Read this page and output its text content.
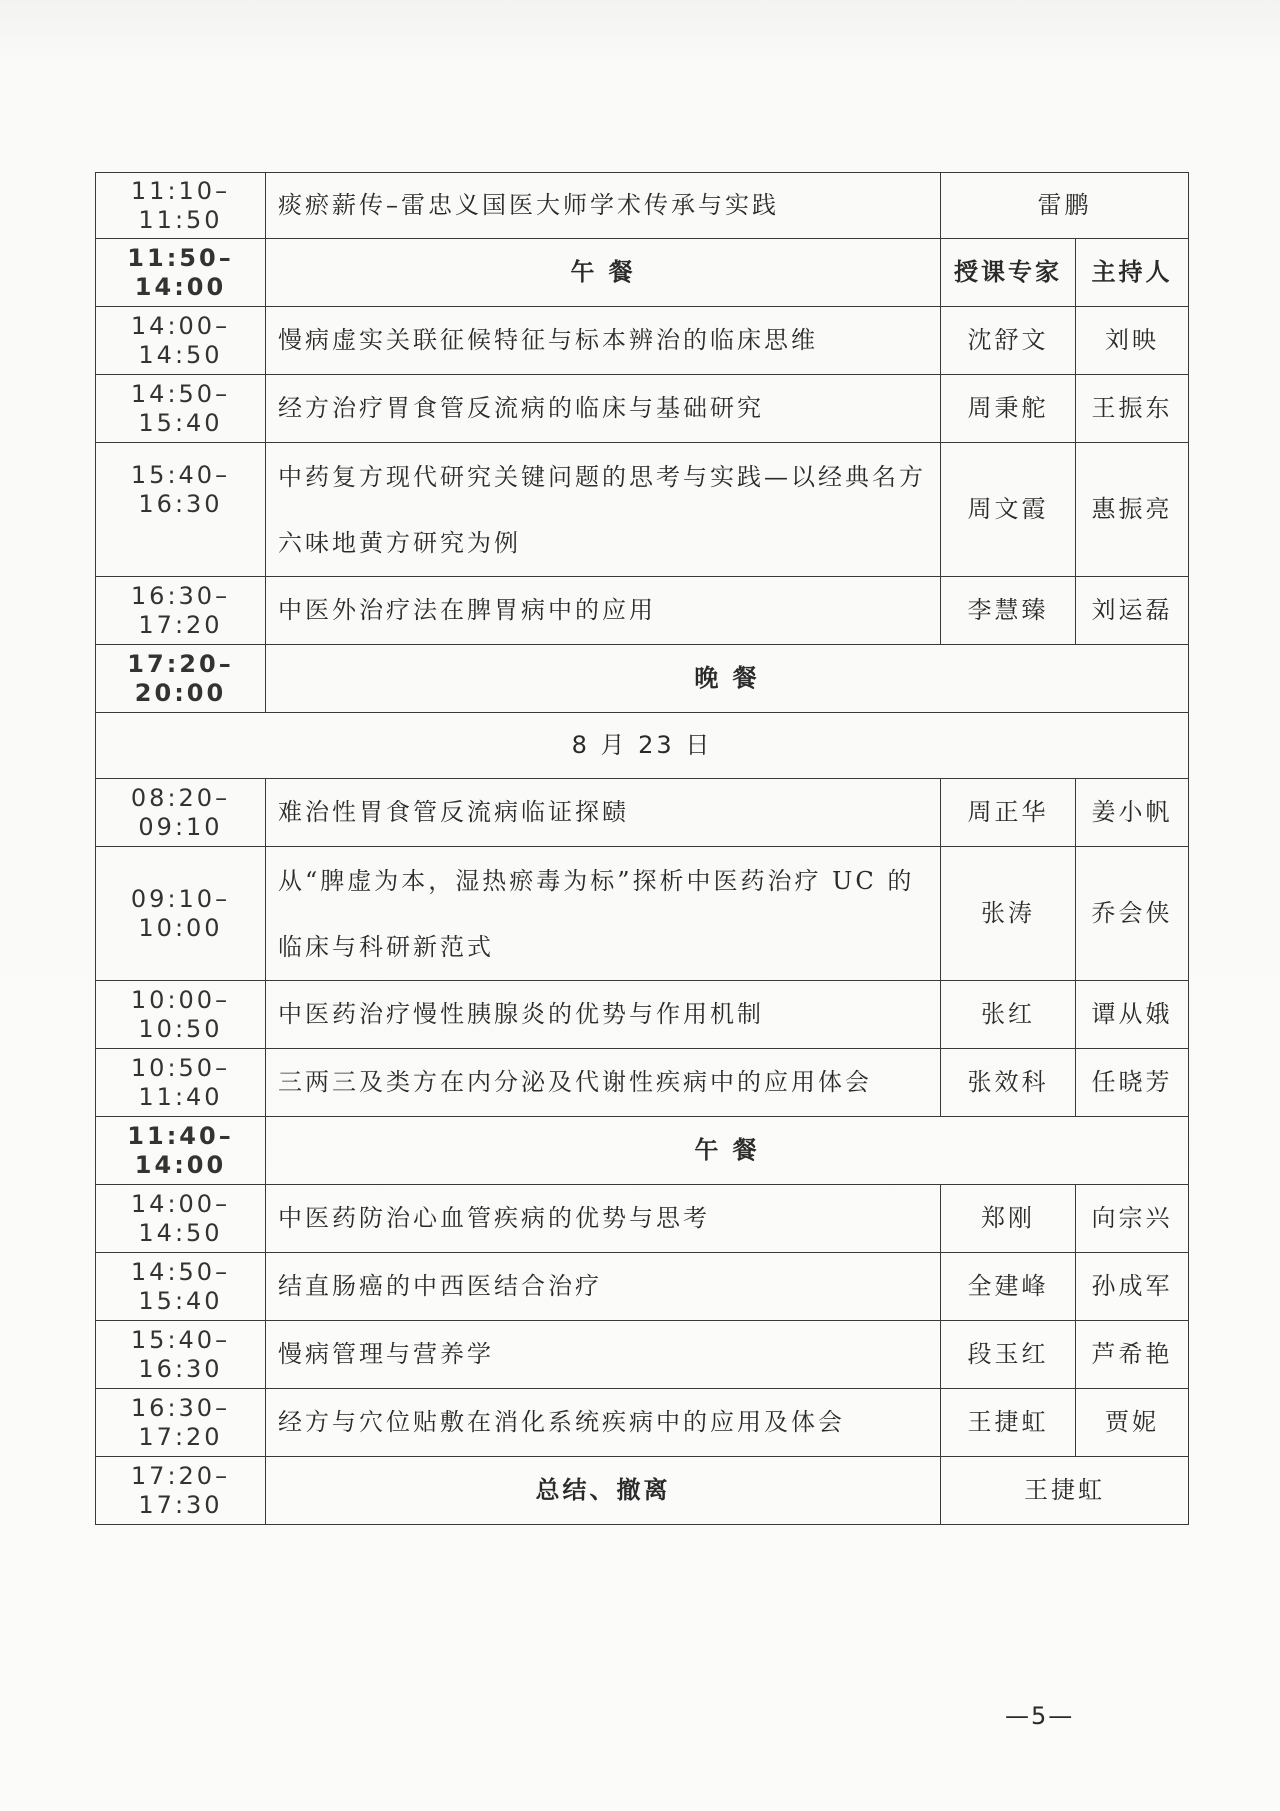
11:10–11:50	痰瘀薪传–雷忠义国医大师学术传承与实践	雷鹏	
11:50–14:00	午 餐	授课专家	主持人
14:00–14:50	慢病虚实关联征候特征与标本辨治的临床思维	沈舒文	刘映
14:50–15:40	经方治疗胃食管反流病的临床与基础研究	周秉舵	王振东
15:40–16:30	中药复方现代研究关键问题的思考与实践—以经典名方六味地黄方研究为例	周文霞	惠振亮
16:30–17:20	中医外治疗法在脾胃病中的应用	李慧臻	刘运磊
17:20–20:00	晚 餐		
8 月 23 日			
08:20–09:10	难治性胃食管反流病临证探赜	周正华	姜小帆
09:10–10:00	从“脾虚为本，湿热瘀毒为标”探析中医药治疗 UC 的临床与科研新范式	张涛	乔会侠
10:00–10:50	中医药治疗慢性胰腺炎的优势与作用机制	张红	谭从娥
10:50–11:40	三两三及类方在内分泌及代谢性疾病中的应用体会	张效科	任晓芳
11:40–14:00	午 餐		
14:00–14:50	中医药防治心血管疾病的优势与思考	郑刚	向宗兴
14:50–15:40	结直肠癌的中西医结合治疗	全建峰	孙成军
15:40–16:30	慢病管理与营养学	段玉红	芦希艳
16:30–17:20	经方与穴位贴敷在消化系统疾病中的应用及体会	王捷虹	贾妮
17:20–17:30	总结、撤离	王捷虹	
—5—
